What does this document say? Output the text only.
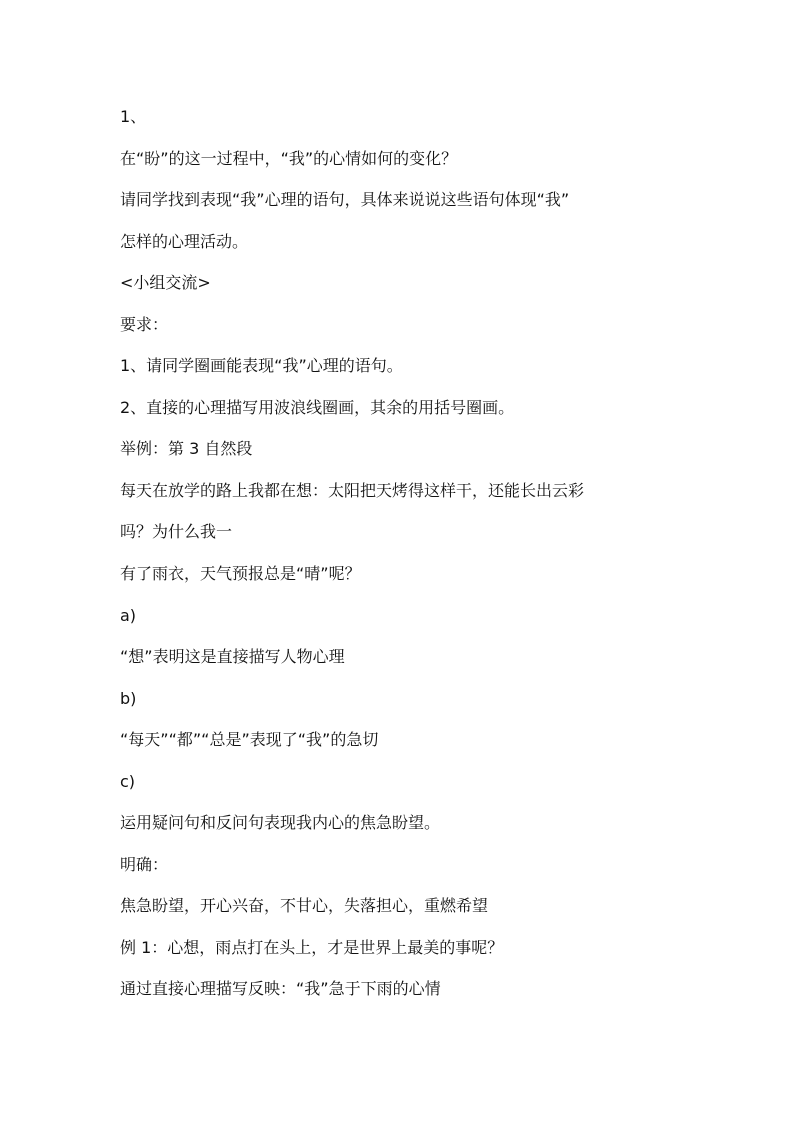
1、
在“盼”的这一过程中，“我”的心情如何的变化？
请同学找到表现“我”心理的语句，具体来说说这些语句体现“我”
怎样的心理活动。
<小组交流>
要求：
1、请同学圈画能表现“我”心理的语句。
2、直接的心理描写用波浪线圈画，其余的用括号圈画。
举例：第 3 自然段
每天在放学的路上我都在想：太阳把天烤得这样干，还能长出云彩
吗？为什么我一
有了雨衣，天气预报总是“晴”呢？
a)
“想”表明这是直接描写人物心理
b)
“每天”“都”“总是”表现了“我”的急切
c)
运用疑问句和反问句表现我内心的焦急盼望。
明确：
焦急盼望，开心兴奋，不甘心，失落担心，重燃希望
例 1：心想，雨点打在头上，才是世界上最美的事呢？
通过直接心理描写反映：“我”急于下雨的心情
